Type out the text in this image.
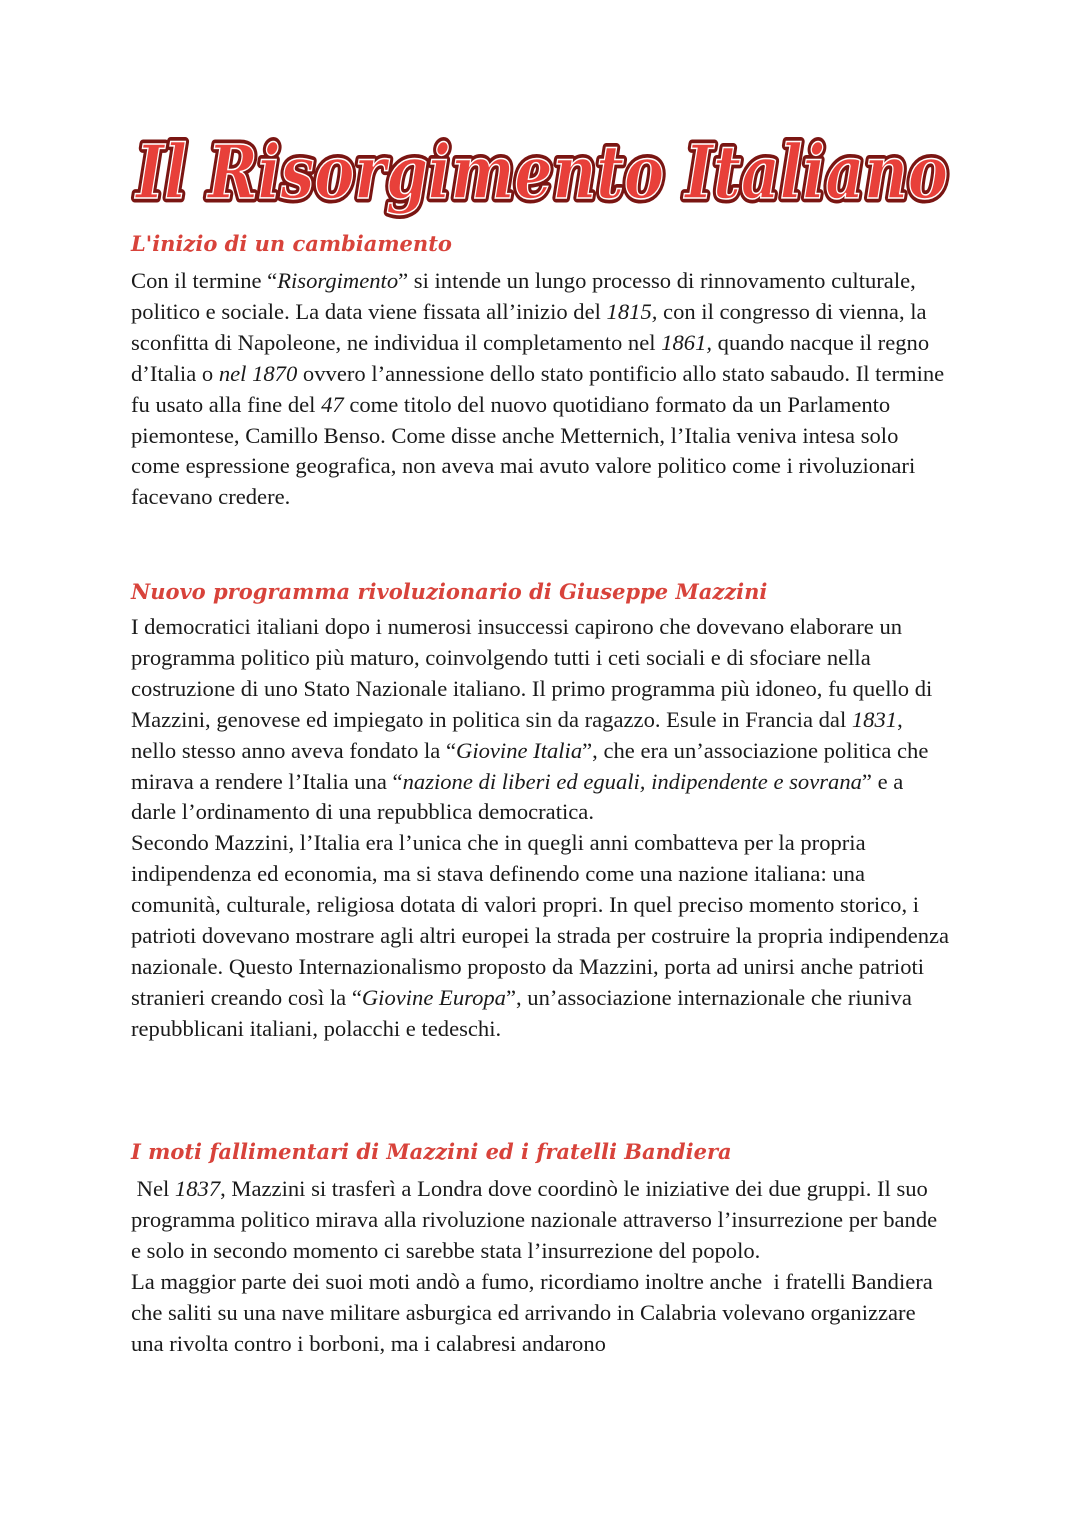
Il Risorgimento Italiano
Il Risorgimento Italiano
L'inizio di un cambiamento

Con il termine “Risorgimento” si intende un lungo processo di rinnovamento culturale, politico e sociale. La data viene fissata all’inizio del 1815, con il congresso di vienna, la sconfitta di Napoleone, ne individua il completamento nel 1861, quando nacque il regno d’Italia o nel 1870 ovvero l’annessione dello stato pontificio allo stato sabaudo. Il termine fu usato alla fine del 47 come titolo del nuovo quotidiano formato da un Parlamento piemontese, Camillo Benso. Come disse anche Metternich, l’Italia veniva intesa solo come espressione geografica, non aveva mai avuto valore politico come i rivoluzionari facevano credere.

Nuovo programma rivoluzionario di Giuseppe Mazzini

I democratici italiani dopo i numerosi insuccessi capirono che dovevano elaborare un programma politico più maturo, coinvolgendo tutti i ceti sociali e di sfociare nella costruzione di uno Stato Nazionale italiano. Il primo programma più idoneo, fu quello di Mazzini, genovese ed impiegato in politica sin da ragazzo. Esule in Francia dal 1831, nello stesso anno aveva fondato la “Giovine Italia”, che era un’associazione politica che mirava a rendere l’Italia una “nazione di liberi ed eguali, indipendente e sovrana” e a darle l’ordinamento di una repubblica democratica.

Secondo Mazzini, l’Italia era l’unica che in quegli anni combatteva per la propria indipendenza ed economia, ma si stava definendo come una nazione italiana: una comunità, culturale, religiosa dotata di valori propri. In quel preciso momento storico, i patrioti dovevano mostrare agli altri europei la strada per costruire la propria indipendenza nazionale. Questo Internazionalismo proposto da Mazzini, porta ad unirsi anche patrioti stranieri creando così la “Giovine Europa”, un’associazione internazionale che riuniva repubblicani italiani, polacchi e tedeschi.

I moti fallimentari di Mazzini ed i fratelli Bandiera

Nel 1837, Mazzini si trasferì a Londra dove coordinò le iniziative dei due gruppi. Il suo programma politico mirava alla rivoluzione nazionale attraverso l’insurrezione per bande e solo in secondo momento ci sarebbe stata l’insurrezione del popolo.

La maggior parte dei suoi moti andò a fumo, ricordiamo inoltre anche  i fratelli Bandiera che saliti su una nave militare asburgica ed arrivando in Calabria volevano organizzare una rivolta contro i borboni, ma i calabresi andarono
